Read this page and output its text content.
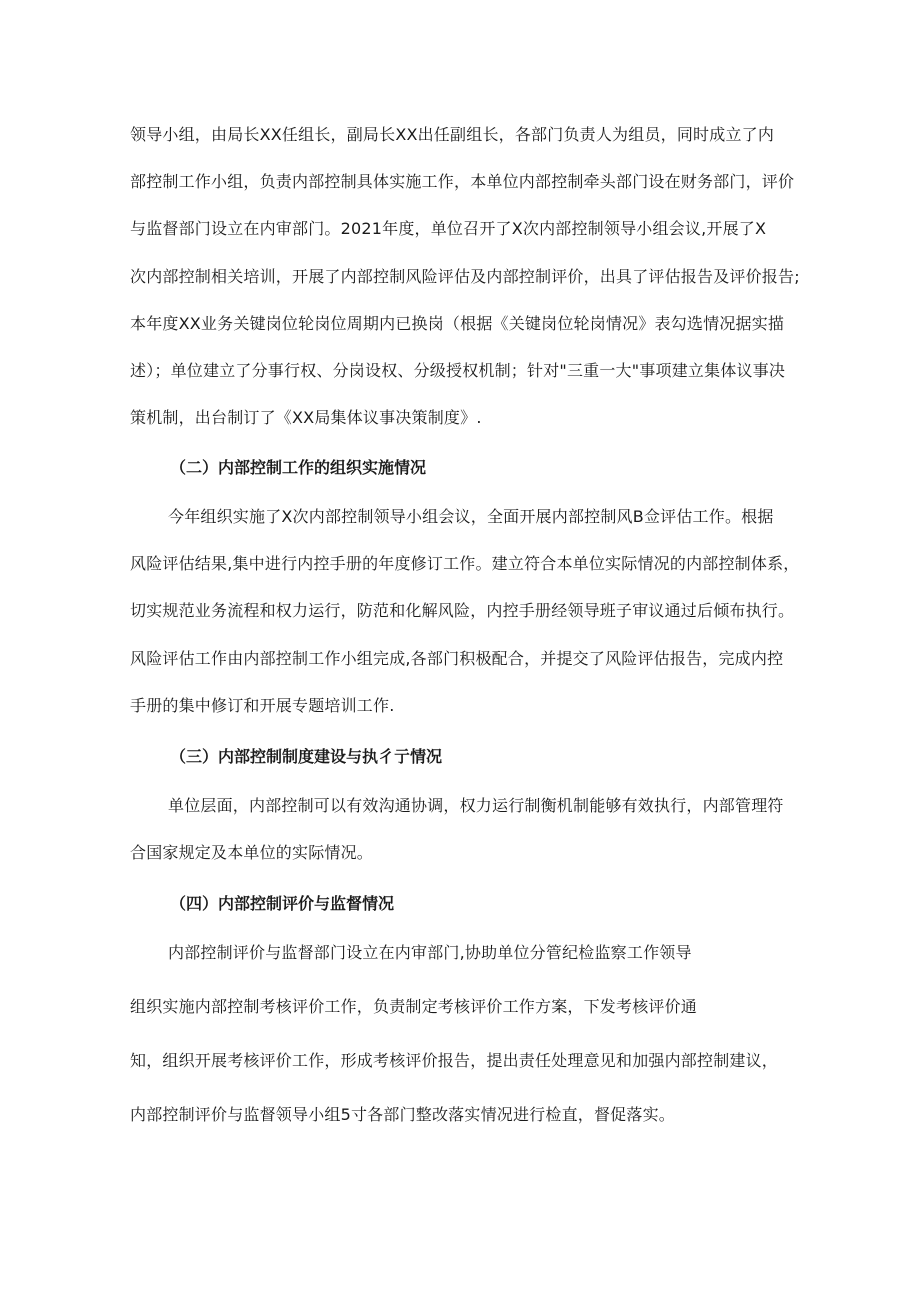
领导小组，由局长XX任组长，副局长XX出任副组长，各部门负责人为组员，同时成立了内
部控制工作小组，负责内部控制具体实施工作，本单位内部控制牵头部门设在财务部门，评价
与监督部门设立在内审部门。2021年度，单位召开了X次内部控制领导小组会议,开展了X
次内部控制相关培训，开展了内部控制风险评估及内部控制评价，出具了评估报告及评价报告;
本年度XX业务关键岗位轮岗位周期内已换岗（根据《关键岗位轮岗情况》表勾选情况据实描
述）；单位建立了分事行权、分岗设权、分级授权机制；针对"三重一大"事项建立集体议事决
策机制，出台制订了《XX局集体议事决策制度》.
（二）内部控制工作的组织实施情况
今年组织实施了X次内部控制领导小组会议，全面开展内部控制风B佥评估工作。根据
风险评估结果,集中进行内控手册的年度修订工作。建立符合本单位实际情况的内部控制体系，
切实规范业务流程和权力运行，防范和化解风险，内控手册经领导班子审议通过后倾布执行。
风险评估工作由内部控制工作小组完成,各部门积极配合，并提交了风险评估报告，完成内控
手册的集中修订和开展专题培训工作.
（三）内部控制制度建设与执彳亍情况
单位层面，内部控制可以有效沟通协调，权力运行制衡机制能够有效执行，内部管理符
合国家规定及本单位的实际情况。
（四）内部控制评价与监督情况
内部控制评价与监督部门设立在内审部门,协助单位分管纪检监察工作领导
组织实施内部控制考核评价工作，负责制定考核评价工作方案，下发考核评价通
知，组织开展考核评价工作，形成考核评价报告，提出责任处理意见和加强内部控制建议，
内部控制评价与监督领导小组5寸各部门整改落实情况进行检直，督促落实。
